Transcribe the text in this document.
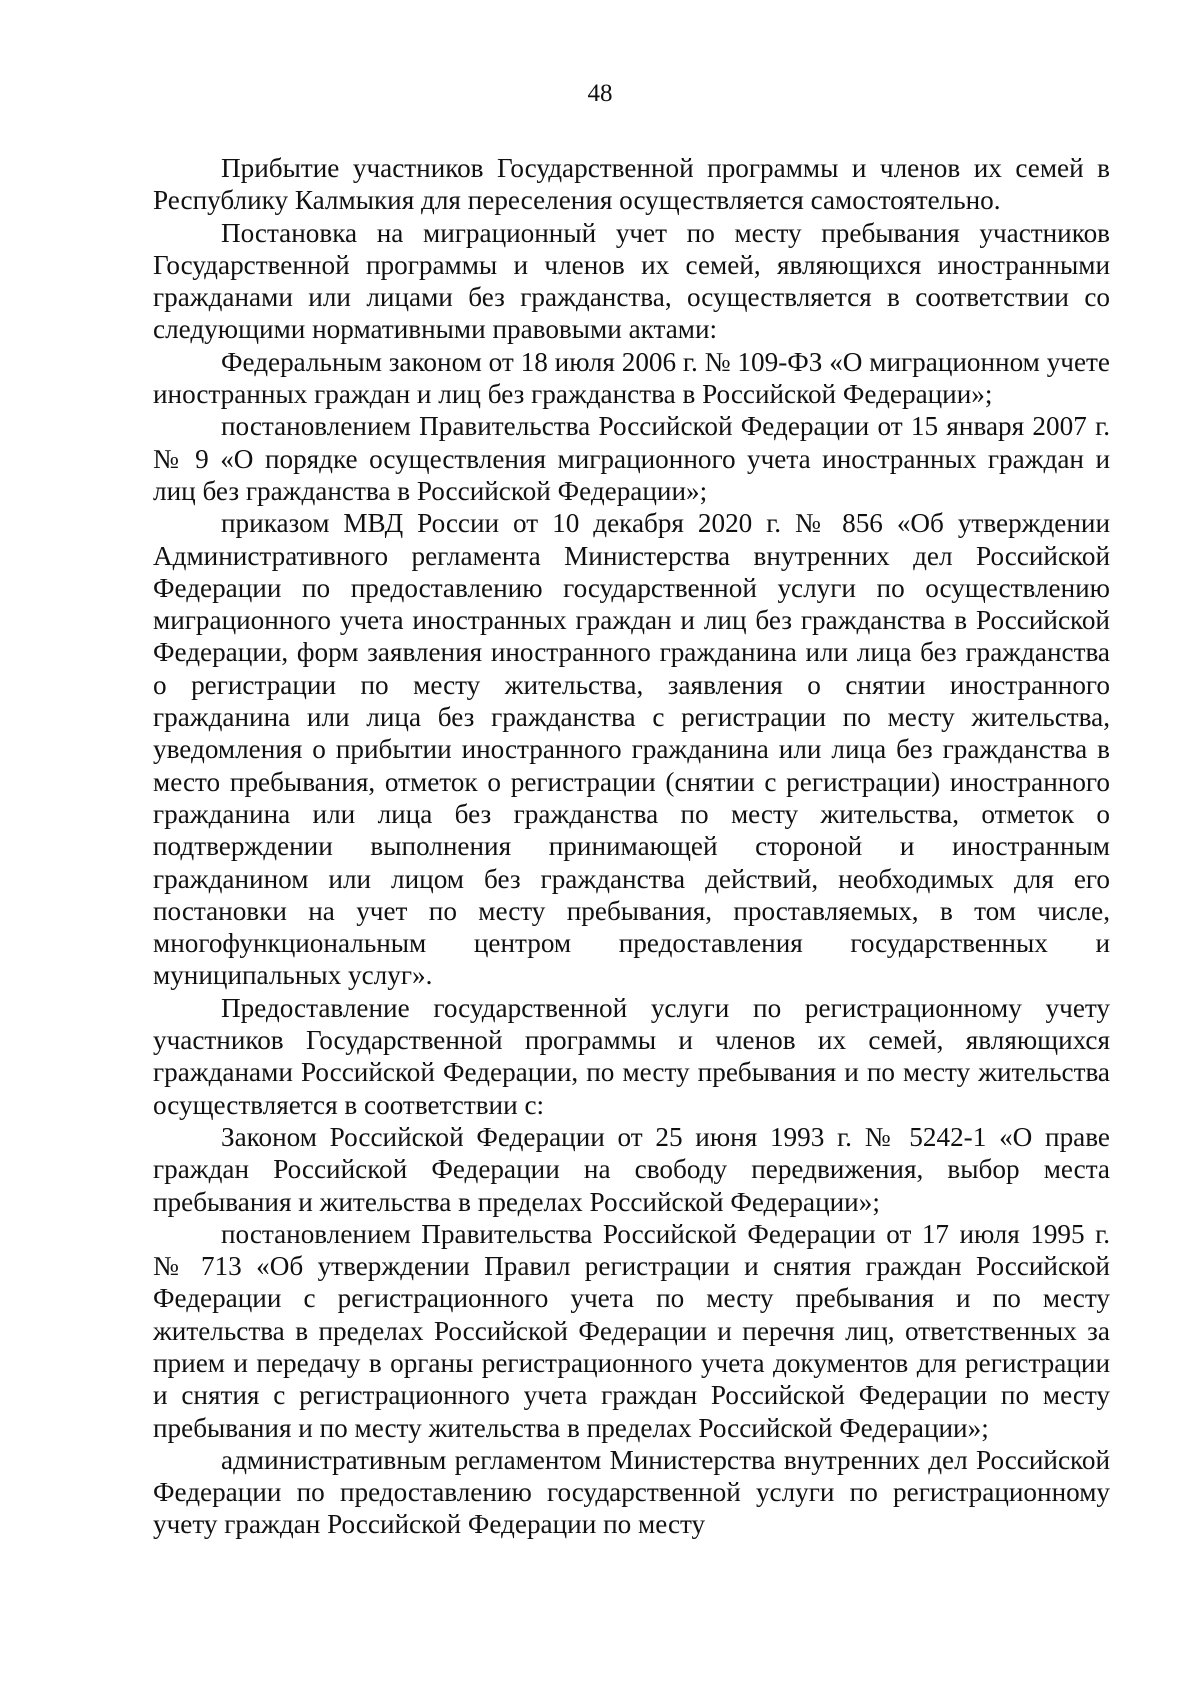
48

Прибытие участников Государственной программы и членов их семей в Республику Калмыкия для переселения осуществляется самостоятельно.

Постановка на миграционный учет по месту пребывания участников Государственной программы и членов их семей, являющихся иностранными гражданами или лицами без гражданства, осуществляется в соответствии со следующими нормативными правовыми актами:

Федеральным законом от 18 июля 2006 г. № 109-ФЗ «О миграционном учете иностранных граждан и лиц без гражданства в Российской Федерации»;

постановлением Правительства Российской Федерации от 15 января 2007 г. № 9 «О порядке осуществления миграционного учета иностранных граждан и лиц без гражданства в Российской Федерации»;

приказом МВД России от 10 декабря 2020 г. № 856 «Об утверждении Административного регламента Министерства внутренних дел Российской Федерации по предоставлению государственной услуги по осуществлению миграционного учета иностранных граждан и лиц без гражданства в Российской Федерации, форм заявления иностранного гражданина или лица без гражданства о регистрации по месту жительства, заявления о снятии иностранного гражданина или лица без гражданства с регистрации по месту жительства, уведомления о прибытии иностранного гражданина или лица без гражданства в место пребывания, отметок о регистрации (снятии с регистрации) иностранного гражданина или лица без гражданства по месту жительства, отметок о подтверждении выполнения принимающей стороной и иностранным гражданином или лицом без гражданства действий, необходимых для его постановки на учет по месту пребывания, проставляемых, в том числе, многофункциональным центром предоставления государственных и муниципальных услуг».

Предоставление государственной услуги по регистрационному учету участников Государственной программы и членов их семей, являющихся гражданами Российской Федерации, по месту пребывания и по месту жительства осуществляется в соответствии с:

Законом Российской Федерации от 25 июня 1993 г. № 5242-1 «О праве граждан Российской Федерации на свободу передвижения, выбор места пребывания и жительства в пределах Российской Федерации»;

постановлением Правительства Российской Федерации от 17 июля 1995 г. № 713 «Об утверждении Правил регистрации и снятия граждан Российской Федерации с регистрационного учета по месту пребывания и по месту жительства в пределах Российской Федерации и перечня лиц, ответственных за прием и передачу в органы регистрационного учета документов для регистрации и снятия с регистрационного учета граждан Российской Федерации по месту пребывания и по месту жительства в пределах Российской Федерации»;

административным регламентом Министерства внутренних дел Российской Федерации по предоставлению государственной услуги по регистрационному учету граждан Российской Федерации по месту
